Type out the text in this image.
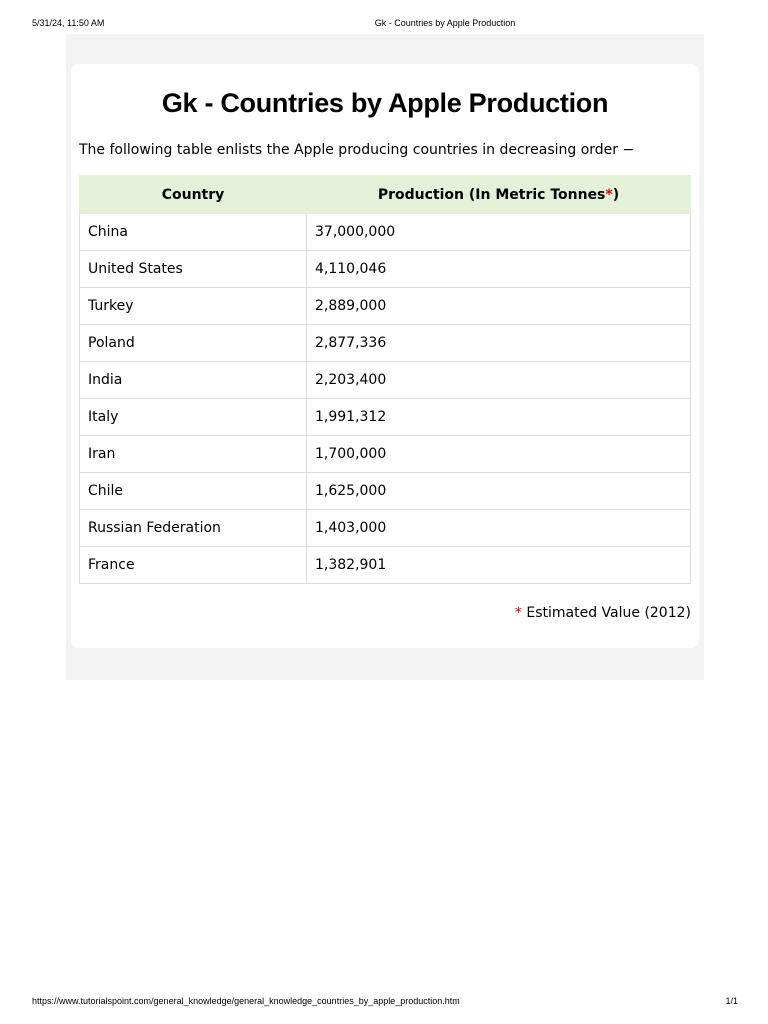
5/31/24, 11:50 AM	Gk - Countries by Apple Production
Gk - Countries by Apple Production
The following table enlists the Apple producing countries in decreasing order −
Country	Production (In Metric Tonnes*)
China	37,000,000
United States	4,110,046
Turkey	2,889,000
Poland	2,877,336
India	2,203,400
Italy	1,991,312
Iran	1,700,000
Chile	1,625,000
Russian Federation	1,403,000
France	1,382,901
* Estimated Value (2012)
https://www.tutorialspoint.com/general_knowledge/general_knowledge_countries_by_apple_production.htm	1/1
